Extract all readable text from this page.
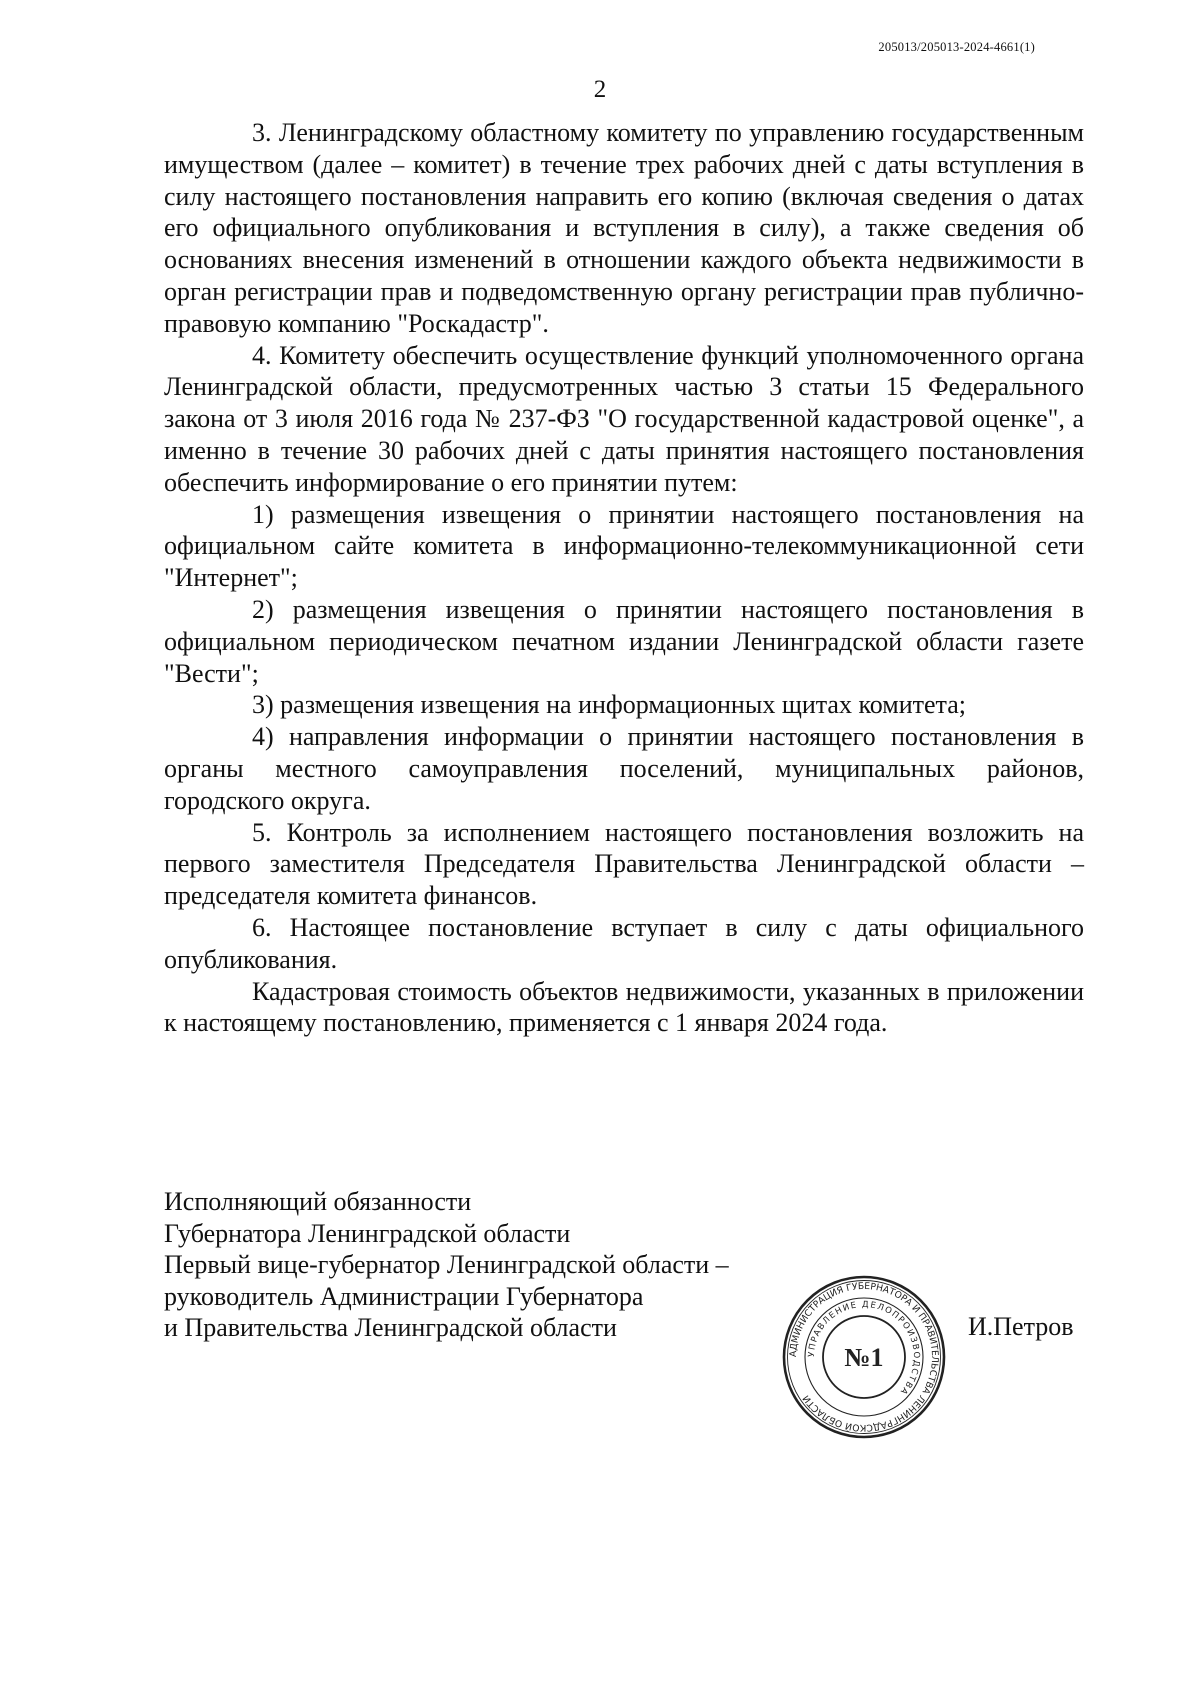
205013/205013-2024-4661(1)
2

3. Ленинградскому областному комитету по управлению государственным имуществом (далее – комитет) в течение трех рабочих дней с даты вступления в силу настоящего постановления направить его копию (включая сведения о датах его официального опубликования и вступления в силу), а также сведения об основаниях внесения изменений в отношении каждого объекта недвижимости в орган регистрации прав и подведомственную органу регистрации прав публично-правовую компанию "Роскадастр".

4. Комитету обеспечить осуществление функций уполномоченного органа Ленинградской области, предусмотренных частью 3 статьи 15 Федерального закона от 3 июля 2016 года № 237-ФЗ "О государственной кадастровой оценке", а именно в течение 30 рабочих дней с даты принятия настоящего постановления обеспечить информирование о его принятии путем:

1) размещения извещения о принятии настоящего постановления на официальном сайте комитета в информационно-телекоммуникационной сети "Интернет";

2) размещения извещения о принятии настоящего постановления в официальном периодическом печатном издании Ленинградской области газете "Вести";

3) размещения извещения на информационных щитах комитета;

4) направления информации о принятии настоящего постановления в органы местного самоуправления поселений, муниципальных районов, городского округа.

5. Контроль за исполнением настоящего постановления возложить на первого заместителя Председателя Правительства Ленинградской области – председателя комитета финансов.

6. Настоящее постановление вступает в силу с даты официального опубликования.

Кадастровая стоимость объектов недвижимости, указанных в приложении к настоящему постановлению, применяется с 1 января 2024 года.

Исполняющий обязанности
Губернатора Ленинградской области
Первый вице-губернатор Ленинградской области –
руководитель Администрации Губернатора
и Правительства Ленинградской области
АДМИНИСТРАЦИЯ ГУБЕРНАТОРА И ПРАВИТЕЛЬСТВА ЛЕНИНГРАДСКОЙ ОБЛАСТИ
УПРАВЛЕНИЕ ДЕЛОПРОИЗВОДСТВА
№1
И.Петров
